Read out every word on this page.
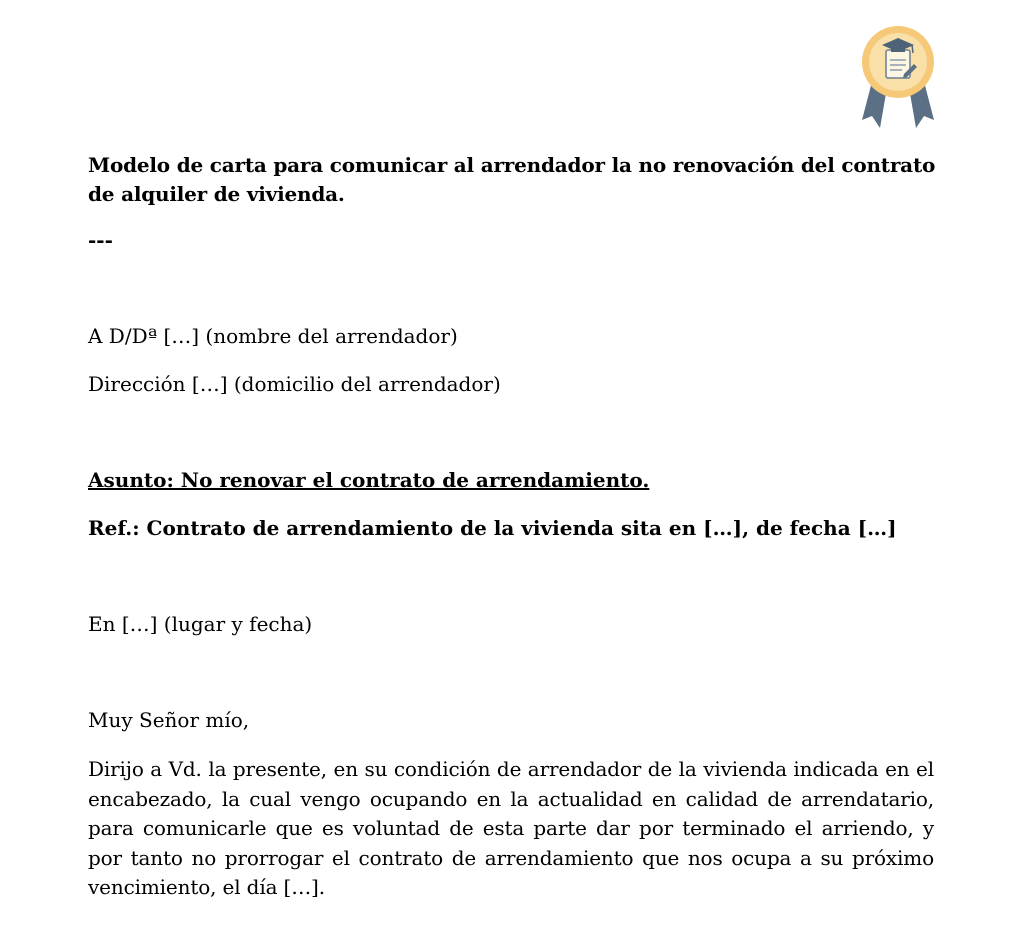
Modelo de carta para comunicar al arrendador la no renovación del contrato de alquiler de vivienda.

---

A D/Dª […] (nombre del arrendador)

Dirección […] (domicilio del arrendador)

Asunto: No renovar el contrato de arrendamiento.

Ref.: Contrato de arrendamiento de la vivienda sita en […], de fecha […]

En […] (lugar y fecha)

Muy Señor mío,

Dirijo a Vd. la presente, en su condición de arrendador de la vivienda indicada en el encabezado, la cual vengo ocupando en la actualidad en calidad de arrendatario, para comunicarle que es voluntad de esta parte dar por terminado el arriendo, y por tanto no prorrogar el contrato de arrendamiento que nos ocupa a su próximo vencimiento, el día […].
